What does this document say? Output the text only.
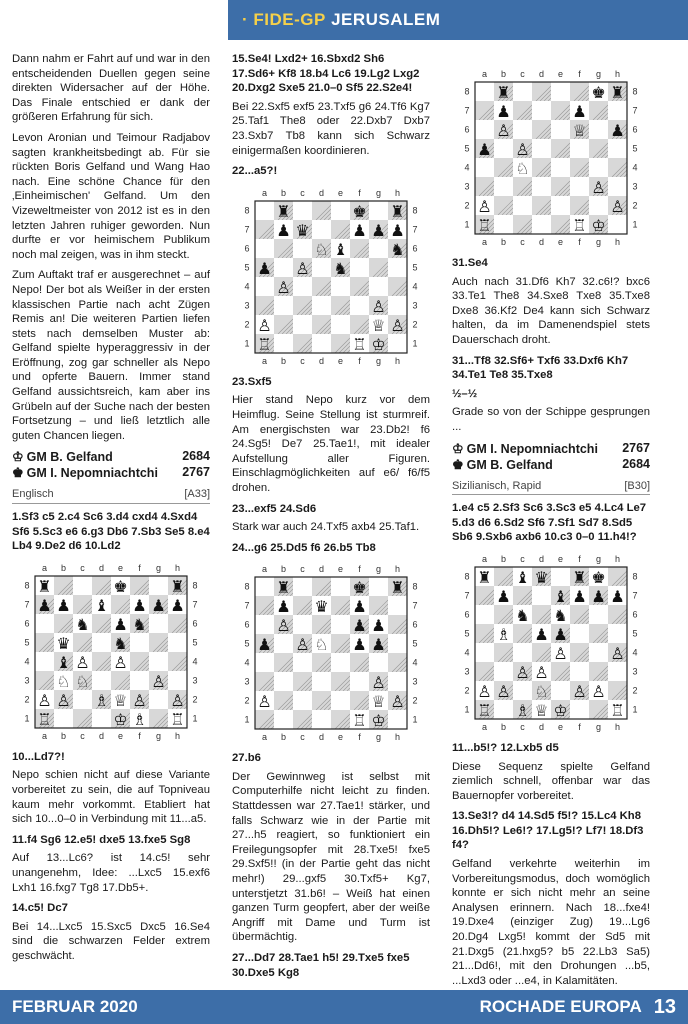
· FIDE-GP
JERUSALEM

Dann nahm er Fahrt auf und war in den entscheidenden Duellen gegen seine direkten Widersacher auf der Höhe. Das Finale entschied er dank der größeren Erfahrung für sich.

Levon Aronian und Teimour Radjabov sagten krankheitsbedingt ab. Für sie rückten Boris Gelfand und Wang Hao nach. Eine schöne Chance für den ‚Einheimischen' Gelfand. Um den Vizeweltmeister von 2012 ist es in den letzten Jahren ruhiger geworden. Nun durfte er vor heimischem Publikum noch mal zeigen, was in ihm steckt.

Zum Auftakt traf er ausgerechnet – auf Nepo! Der bot als Weißer in der ersten klassischen Partie nach acht Zügen Remis an! Die weiteren Partien liefen stets nach demselben Muster ab: Gelfand spielte hyperaggressiv in der Eröffnung, zog gar schneller als Nepo und opferte Bauern. Immer stand Gelfand aussichtsreich, kam aber ins Grübeln auf der Suche nach der besten Fortsetzung – und ließ letztlich alle guten Chancen liegen.

♔ GM B. Gelfand	2684
♚ GM I. Nepomniachtchi 2767
Englisch	[A33]
1.Sf3 c5 2.c4 Sc6 3.d4 cxd4 4.Sxd4 Sf6 5.Sc3 e6 6.g3 Db6 7.Sb3 Se5 8.e4 Lb4 9.De2 d6 10.Ld2
a
a
b
b
c
c
d
d
e
e
f
f
g
g
h
h
8	8
7	7
6	6
5	5
4	4
3	3
2	2
1	1
♜	♚	♜
♟ ♟ ♝ ♟ ♟ ♟
♞ ♟ ♞
♛	♞
♝ ♙ ♙
♘ ♘	♙
♙ ♙ ♗ ♕ ♙ ♙
♖	♔ ♗ ♖
10...Ld7?!

Nepo schien nicht auf diese Variante vorbereitet zu sein, die auf Topniveau kaum mehr vorkommt. Etabliert hat sich 10...0–0 in Verbindung mit 11...a5.

11.f4 Sg6 12.e5! dxe5 13.fxe5 Sg8

Auf 13...Lc6? ist 14.c5! sehr unangenehm, Idee: ...Lxc5 15.exf6 Lxh1 16.fxg7 Tg8 17.Db5+.

14.c5! Dc7

Bei 14...Lxc5 15.Sxc5 Dxc5 16.Se4 sind die schwarzen Felder extrem geschwächt.

15.Se4! Lxd2+ 16.Sbxd2 Sh6 17.Sd6+ Kf8 18.b4 Lc6 19.Lg2 Lxg2 20.Dxg2 Sxe5 21.0–0 Sf5 22.S2e4!

Bei 22.Sxf5 exf5 23.Txf5 g6 24.Tf6 Kg7 25.Taf1 The8 oder 22.Dxb7 Dxb7 23.Sxb7 Tb8 kann sich Schwarz einigermaßen koordinieren.

22...a5?!
a
a
b
b
c
c
d
d
e
e
f
f
g
g
h
h
8	8
7	7
6	6
5	5
4	4
3	3
2	2
1	1
♜	♚ ♜
♟ ♛	♟ ♟ ♟
♘ ♝	♞
♟ ♙ ♞
♙
♙
♙	♕ ♙
♖	♖ ♔
23.Sxf5

Hier stand Nepo kurz vor dem Heimflug. Seine Stellung ist sturmreif. Am energischsten war 23.Db2! f6 24.Sg5! De7 25.Tae1!, mit idealer Aufstellung aller Figuren. Einschlagmöglichkeiten auf e6/ f6/f5 drohen.

23...exf5 24.Sd6

Stark war auch 24.Txf5 axb4 25.Taf1.

24...g6 25.Dd5 f6 26.b5 Tb8
a
a
b
b
c
c
d
d
e
e
f
f
g
g
h
h
8	8
7	7
6	6
5	5
4	4
3	3
2	2
1	1
♜	♚ ♜
♟ ♛ ♟
♙	♟ ♟
♟ ♙ ♘ ♟ ♟
♙
♙	♕ ♙
♖ ♔
27.b6

Der Gewinnweg ist selbst mit Computerhilfe nicht leicht zu finden. Stattdessen war 27.Tae1! stärker, und falls Schwarz wie in der Partie mit 27...h5 reagiert, so funktioniert ein Freilegungsopfer mit 28.Txe5! fxe5 29.Sxf5!! (in der Partie geht das nicht mehr!) 29...gxf5 30.Txf5+ Kg7, unterstjetzt 31.b6! – Weiß hat einen ganzen Turm geopfert, aber der weiße Angriff mit Dame und Turm ist übermächtig.

27...Dd7 28.Tae1 h5! 29.Txe5 fxe5 30.Dxe5 Kg8
a
a
b
b
c
c
d
d
e
e
f
f
g
g
h
h
8	8
7	7
6	6
5	5
4	4
3	3
2	2
1	1
♜	♚ ♜
♟	♟
♙	♕ ♟
♟ ♙
♘
♙
♙	♙
♖	♖ ♔
31.Se4

Auch nach 31.Df6 Kh7 32.c6!? bxc6 33.Te1 The8 34.Sxe8 Txe8 35.Txe8 Dxe8 36.Kf2 De4 kann sich Schwarz halten, da im Damenendspiel stets Dauerschach droht.

31...Tf8 32.Sf6+ Txf6 33.Dxf6 Kh7 34.Te1 Te8 35.Txe8
½–½

Grade so von der Schippe gesprungen ...

♔ GM I. Nepomniachtchi 2767
♚ GM B. Gelfand	2684
Sizilianisch, Rapid	[B30]
1.e4 c5 2.Sf3 Sc6 3.Sc3 e5 4.Lc4 Le7 5.d3 d6 6.Sd2 Sf6 7.Sf1 Sd7 8.Sd5 Sb6 9.Sxb6 axb6 10.c3 0–0 11.h4!?
a
a
b
b
c
c
d
d
e
e
f
f
g
g
h
h
8	8
7	7
6	6
5	5
4	4
3	3
2	2
1	1
♜ ♝ ♛ ♜ ♚
♟	♝ ♟ ♟ ♟
♞ ♞
♗ ♟ ♟
♙	♙
♙ ♙
♙ ♙ ♘ ♙ ♙
♖ ♗ ♕ ♔	♖
11...b5!? 12.Lxb5 d5

Diese Sequenz spielte Gelfand ziemlich schnell, offenbar war das Bauernopfer vorbereitet.

13.Se3!? d4 14.Sd5 f5!? 15.Lc4 Kh8 16.Dh5!? Le6!? 17.Lg5!? Lf7! 18.Df3 f4?

Gelfand verkehrte weiterhin im Vorbereitungsmodus, doch womöglich konnte er sich nicht mehr an seine Analysen erinnern. Nach 18...fxe4! 19.Dxe4 (einziger Zug) 19...Lg6 20.Dg4 Lxg5! kommt der Sd5 mit 21.Dxg5 (21.hxg5? b5 22.Lb3 Sa5) 21...Dd6!, mit den Drohungen ...b5, ...Lxd3 oder ...e4, in Kalamitäten.

FEBRUAR 2020	ROCHADE EUROPA 13
